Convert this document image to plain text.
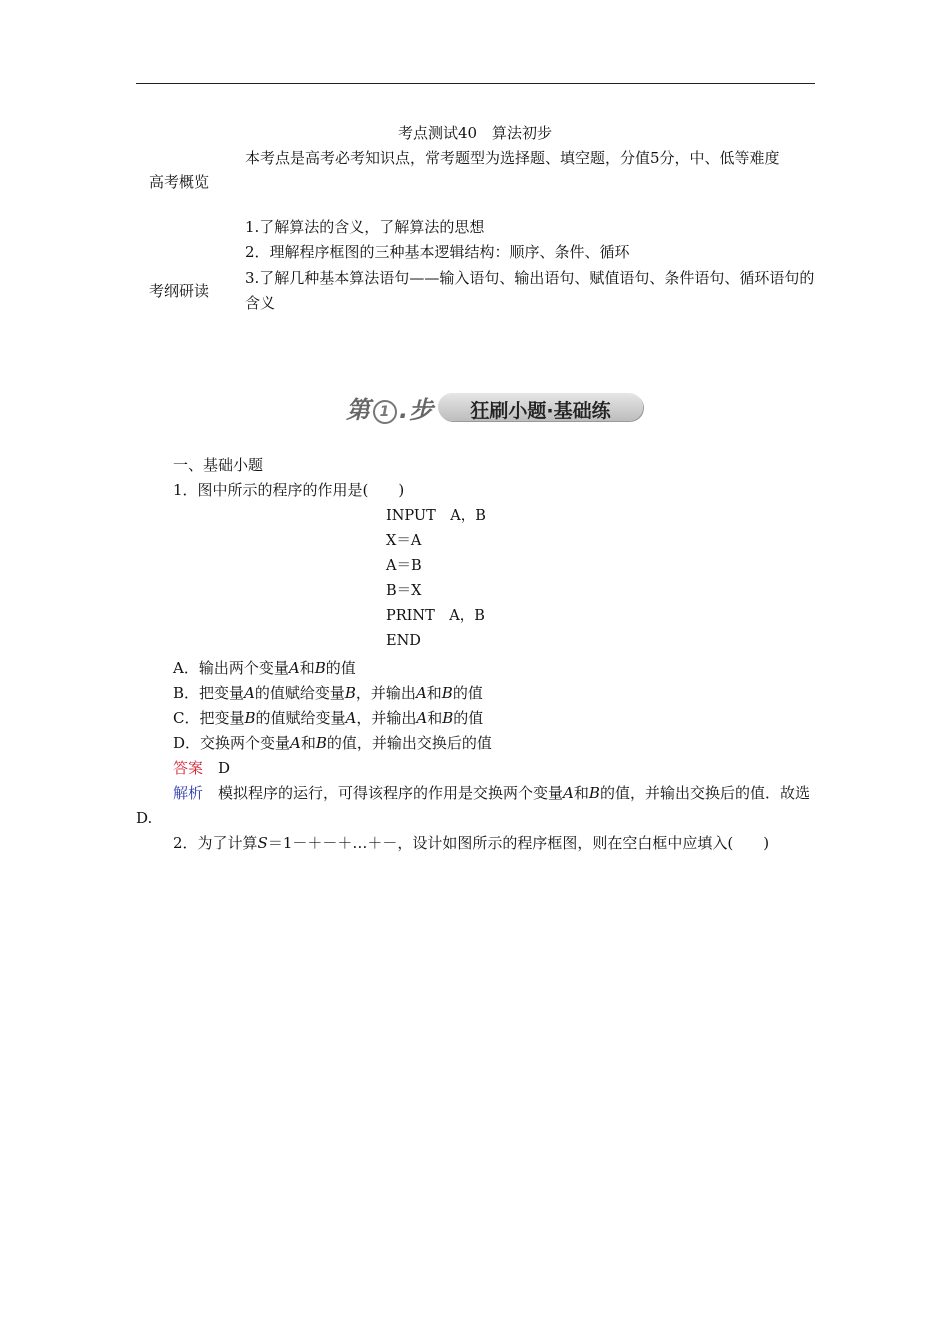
考点测试40　算法初步
高考概览
本考点是高考必考知识点，常考题型为选择题、填空题，分值5分，中、低等难度
1.了解算法的含义，了解算法的思想
2．理解程序框图的三种基本逻辑结构：顺序、条件、循环
考纲研读
3.了解几种基本算法语句——输入语句、输出语句、赋值语句、条件语句、循环语句的含义
第 1 .步	狂刷小题·基础练
一、基础小题
1．图中所示的程序的作用是(　　)
INPUT　A，B
X＝A
A＝B
B＝X
PRINT　A，B
END
A．输出两个变量A和B的值
B．把变量A的值赋给变量B，并输出A和B的值
C．把变量B的值赋给变量A，并输出A和B的值
D．交换两个变量A和B的值，并输出交换后的值
答案　 D
解析　 模拟程序的运行，可得该程序的作用是交换两个变量A和B的值，并输出交换后的值．故选D.
2．为了计算S＝1－＋－＋…＋－，设计如图所示的程序框图，则在空白框中应填入(　　)
